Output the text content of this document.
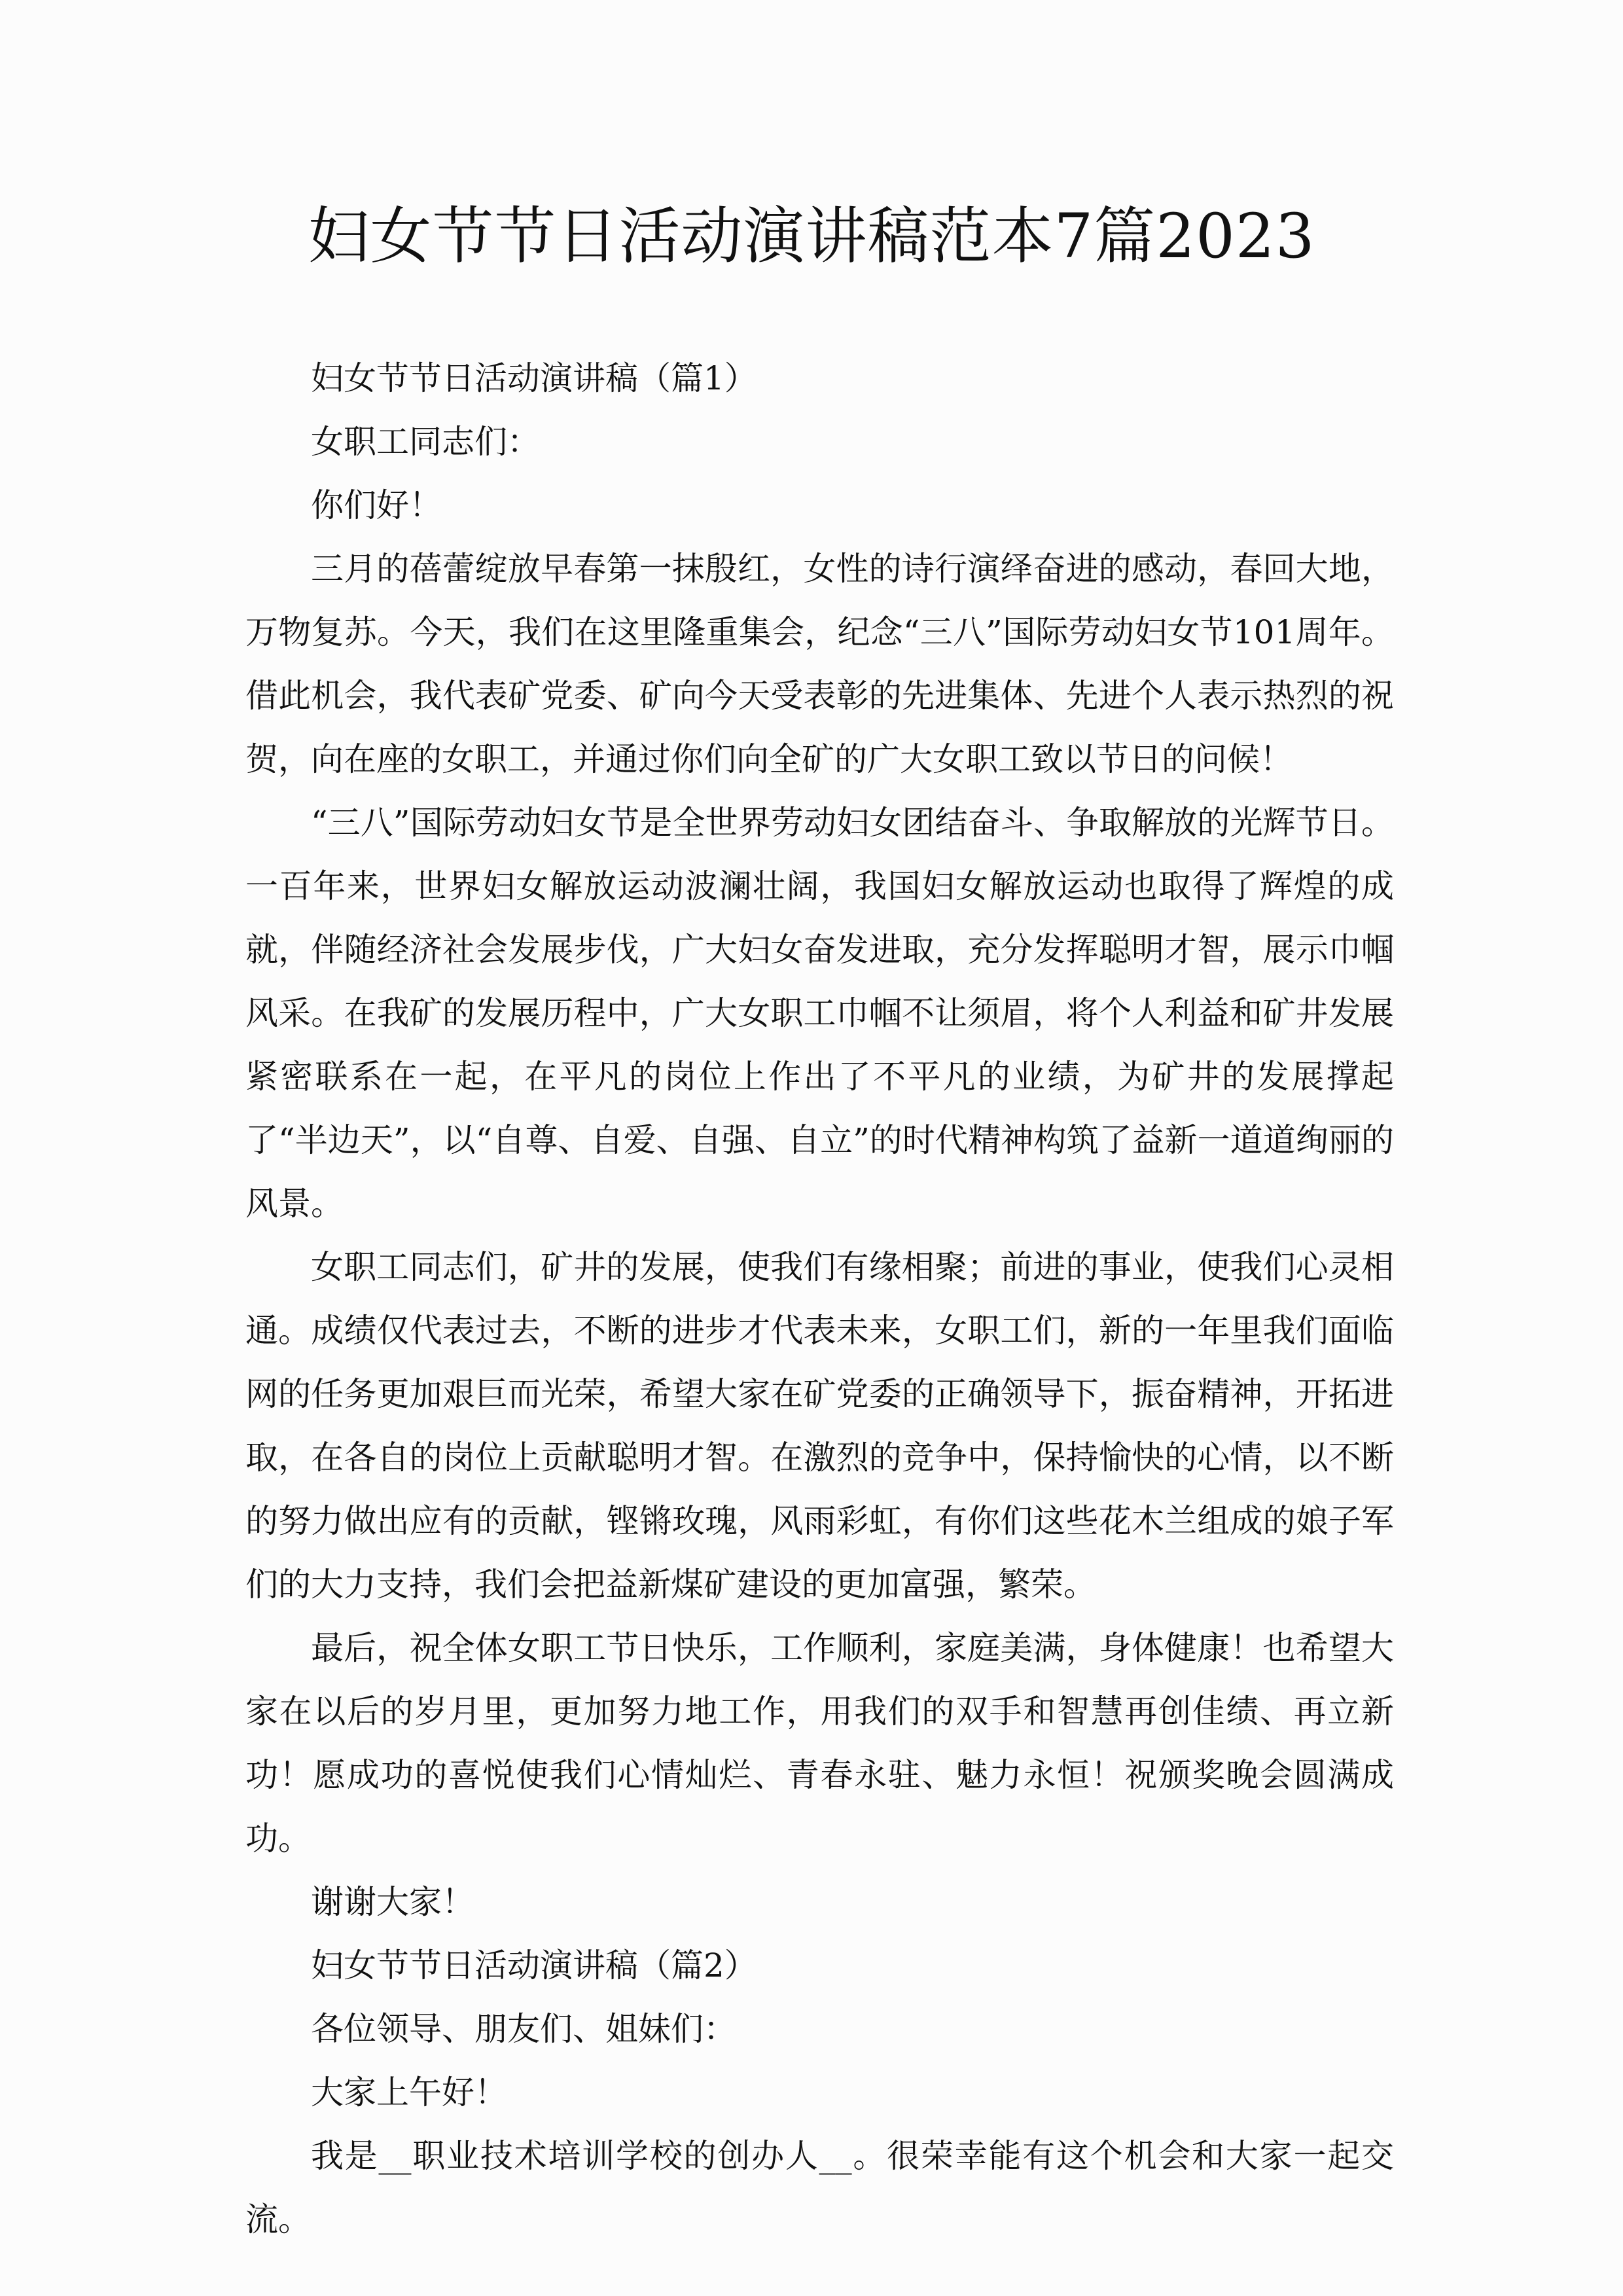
妇女节节日活动演讲稿范本7篇2023

妇女节节日活动演讲稿（篇1）

女职工同志们：

你们好！

三月的蓓蕾绽放早春第一抹殷红，女性的诗行演绎奋进的感动，春回大地，万物复苏。今天，我们在这里隆重集会，纪念“三八”国际劳动妇女节101周年。借此机会，我代表矿党委、矿向今天受表彰的先进集体、先进个人表示热烈的祝贺，向在座的女职工，并通过你们向全矿的广大女职工致以节日的问候！

“三八”国际劳动妇女节是全世界劳动妇女团结奋斗、争取解放的光辉节日。一百年来，世界妇女解放运动波澜壮阔，我国妇女解放运动也取得了辉煌的成就，伴随经济社会发展步伐，广大妇女奋发进取，充分发挥聪明才智，展示巾帼风采。在我矿的发展历程中，广大女职工巾帼不让须眉，将个人利益和矿井发展紧密联系在一起，在平凡的岗位上作出了不平凡的业绩，为矿井的发展撑起了“半边天”，以“自尊、自爱、自强、自立”的时代精神构筑了益新一道道绚丽的风景。

女职工同志们，矿井的发展，使我们有缘相聚；前进的事业，使我们心灵相通。成绩仅代表过去，不断的进步才代表未来，女职工们，新的一年里我们面临网的任务更加艰巨而光荣，希望大家在矿党委的正确领导下，振奋精神，开拓进取，在各自的岗位上贡献聪明才智。在激烈的竞争中，保持愉快的心情，以不断的努力做出应有的贡献，铿锵玫瑰，风雨彩虹，有你们这些花木兰组成的娘子军们的大力支持，我们会把益新煤矿建设的更加富强，繁荣。

最后，祝全体女职工节日快乐，工作顺利，家庭美满，身体健康！也希望大家在以后的岁月里，更加努力地工作，用我们的双手和智慧再创佳绩、再立新功！愿成功的喜悦使我们心情灿烂、青春永驻、魅力永恒！祝颁奖晚会圆满成功。

谢谢大家！

妇女节节日活动演讲稿（篇2）

各位领导、朋友们、姐妹们：

大家上午好！

我是__职业技术培训学校的创办人__。很荣幸能有这个机会和大家一起交流。
